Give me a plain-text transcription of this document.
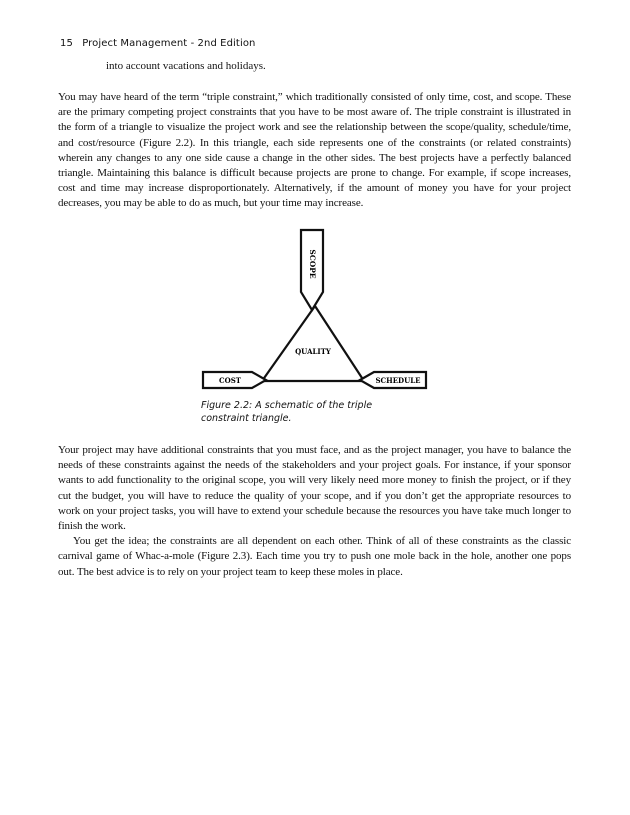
15 Project Management - 2nd Edition
into account vacations and holidays.

You may have heard of the term “triple constraint,” which traditionally consisted of only time, cost, and scope. These are the primary competing project constraints that you have to be most aware of. The triple constraint is illustrated in the form of a triangle to visualize the project work and see the relationship between the scope/quality, schedule/time, and cost/resource (Figure 2.2). In this triangle, each side represents one of the constraints (or related constraints) wherein any changes to any one side cause a change in the other sides. The best projects have a perfectly balanced triangle. Maintaining this balance is difficult because projects are prone to change. For example, if scope increases, cost and time may increase disproportionately. Alternatively, if the amount of money you have for your project decreases, you may be able to do as much, but your time may increase.

SCOPE
QUALITY
COST	SCHEDULE
Figure 2.2: A schematic of the triple constraint triangle.

Your project may have additional constraints that you must face, and as the project manager, you have to balance the needs of these constraints against the needs of the stakeholders and your project goals. For instance, if your sponsor wants to add functionality to the original scope, you will very likely need more money to finish the project, or if they cut the budget, you will have to reduce the quality of your scope, and if you don’t get the appropriate resources to work on your project tasks, you will have to extend your schedule because the resources you have take much longer to finish the work.

You get the idea; the constraints are all dependent on each other. Think of all of these constraints as the classic carnival game of Whac-a-mole (Figure 2.3). Each time you try to push one mole back in the hole, another one pops out. The best advice is to rely on your project team to keep these moles in place.
